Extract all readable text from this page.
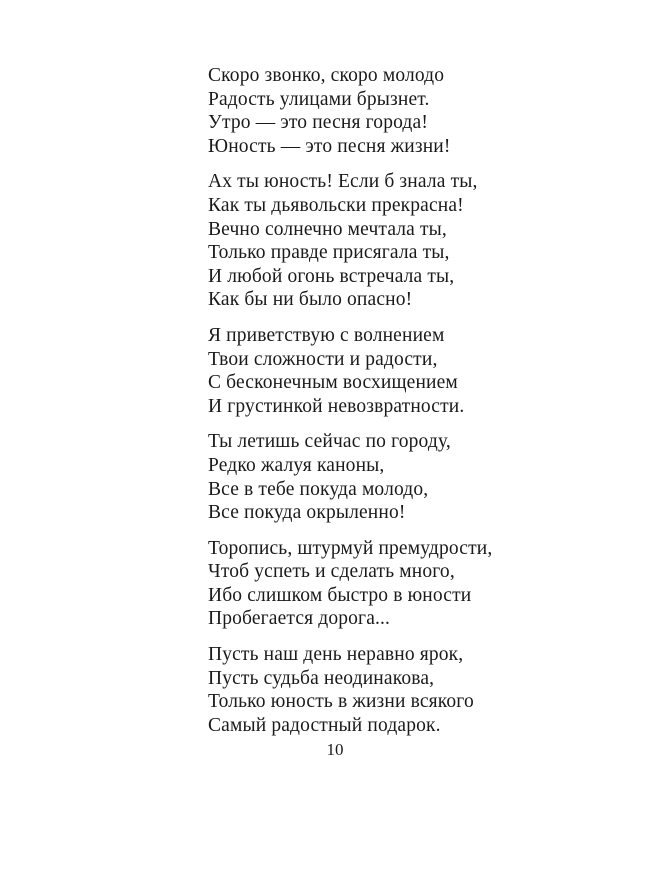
Скоро звонко, скоро молодо
Радость улицами брызнет.
Утро — это песня города!
Юность — это песня жизни!
Ах ты юность! Если б знала ты,
Как ты дьявольски прекрасна!
Вечно солнечно мечтала ты,
Только правде присягала ты,
И любой огонь встречала ты,
Как бы ни было опасно!
Я приветствую с волнением
Твои сложности и радости,
С бесконечным восхищением
И грустинкой невозвратности.
Ты летишь сейчас по городу,
Редко жалуя каноны,
Все в тебе покуда молодо,
Все покуда окрыленно!
Торопись, штурмуй премудрости,
Чтоб успеть и сделать много,
Ибо слишком быстро в юности
Пробегается дорога...
Пусть наш день неравно ярок,
Пусть судьба неодинакова,
Только юность в жизни всякого
Самый радостный подарок.
10
